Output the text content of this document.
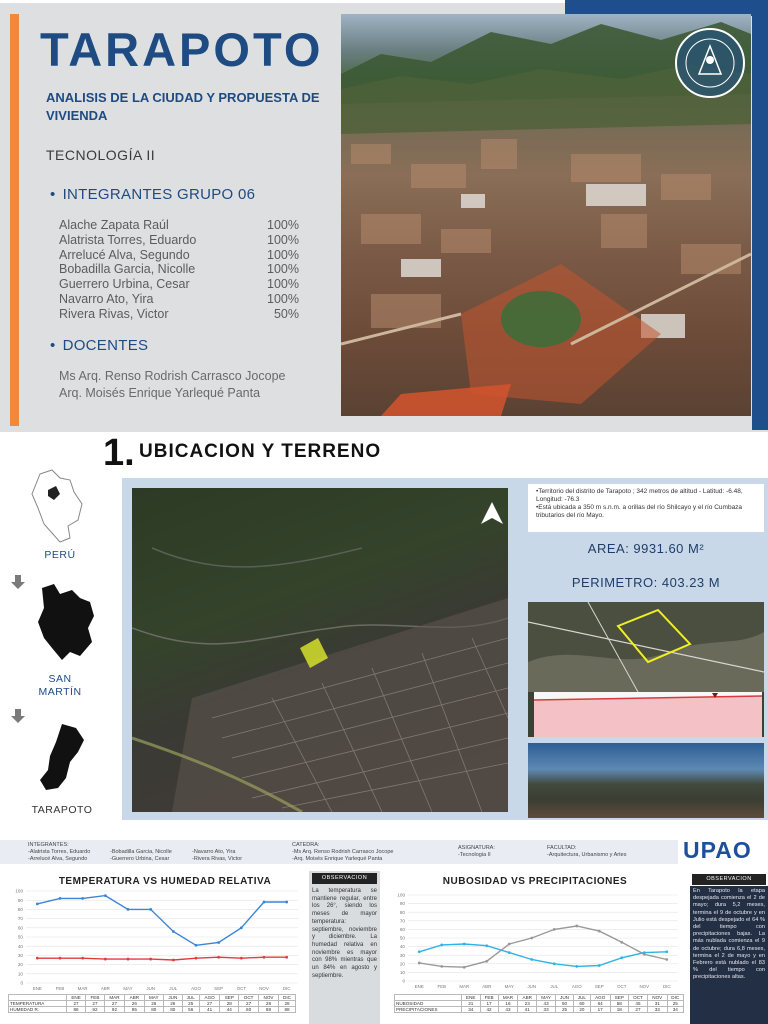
TARAPOTO
ANALISIS DE LA CIUDAD Y PROPUESTA DE VIVIENDA
TECNOLOGÍA II
• INTEGRANTES GRUPO 06
Alache Zapata Raúl	100%
Alatrista Torres, Eduardo	100%
Arrelucé Alva, Segundo	100%
Bobadilla Garcia, Nicolle	100%
Guerrero Urbina, Cesar	100%
Navarro Ato, Yira	100%
Rivera Rivas, Victor	50%
• DOCENTES
Ms Arq. Renso Rodrish Carrasco Jocope
Arq. Moisés Enrique Yarlequé Panta
1. UBICACION Y TERRENO
PERÚ
SAN MARTÍN
TARAPOTO
• Territorio del distrito de Tarapoto ; 342 metros de altitud - Latitud: -6.48, Longitud: -76.3
• Está ubicada a 350 m s.n.m. a orillas del río Shilcayo y el río Cumbaza tributarios del río Mayo.
AREA: 9931.60 M²
PERIMETRO: 403.23 M
INTEGRANTES:
-Alatrista Torres, Eduardo
-Arrelucé Alva, Segundo
-Bobadilla Garcia, Nicolle
-Guerrero Urbina, Cesar
-Navarro Ato, Yira
-Rivera Rivas, Victor
CATEDRA:
-Ms Arq. Renso Rodrish Carrasco Jocope
-Arq. Moisés Enrique Yarlequé Panta
ASIGNATURA:
-Tecnologia II
FACULTAD:
-Arquitectura, Urbanismo y Artes UPAO
TEMPERATURA VS HUMEDAD RELATIVA
0
10
20
30
40
50
60
70
80
90
100
ENE	FEB	MAR	ABR	MAY	JUN	JUL	AGO	SEP	OCT	NOV	DIC
	ENE	FEB	MAR	ABR	MAY	JUN	JUL	AGO	SEP	OCT	NOV	DIC
TEMPERATURA	27	27	27	26	26	26	25	27	28	27	28	28
HUMEDAD R.	86	92	92	95	80	80	56	41	44	60	88	88
OBSERVACION
La temperatura se mantiene regular, entre los 26°, siendo los meses de mayor temperatura: septiembre, noviembre y diciembre. La humedad relativa en noviembre es mayor con 98% mientras que un 84% en agosto y septiembre.
NUBOSIDAD VS PRECIPITACIONES
0
10
20
30
40
50
60
70
80
90
100
ENE	FEB	MAR	ABR	MAY	JUN	JUL	AGO	SEP	OCT	NOV	DIC
	ENE	FEB	MAR	ABR	MAY	JUN	JUL	AGO	SEP	OCT	NOV	DIC
NUBOSIDAD	21	17	16	23	43	50	60	64	58	45	31	25
PRECIPITACIONES	34	42	43	41	33	25	20	17	18	27	33	34
OBSERVACION
En Tarapoto la etapa despejada comienza el 2 de mayo; dura 5,2 meses, termina el 9 de octubre y en Julio está despejado el 64 % del tiempo con precipitaciones bajas. La más nublada comienza el 9 de octubre; dura 6,8 meses, termina el 2 de mayo y en Febrero está nublado el 83 % del tiempo con precipitaciones altas.
